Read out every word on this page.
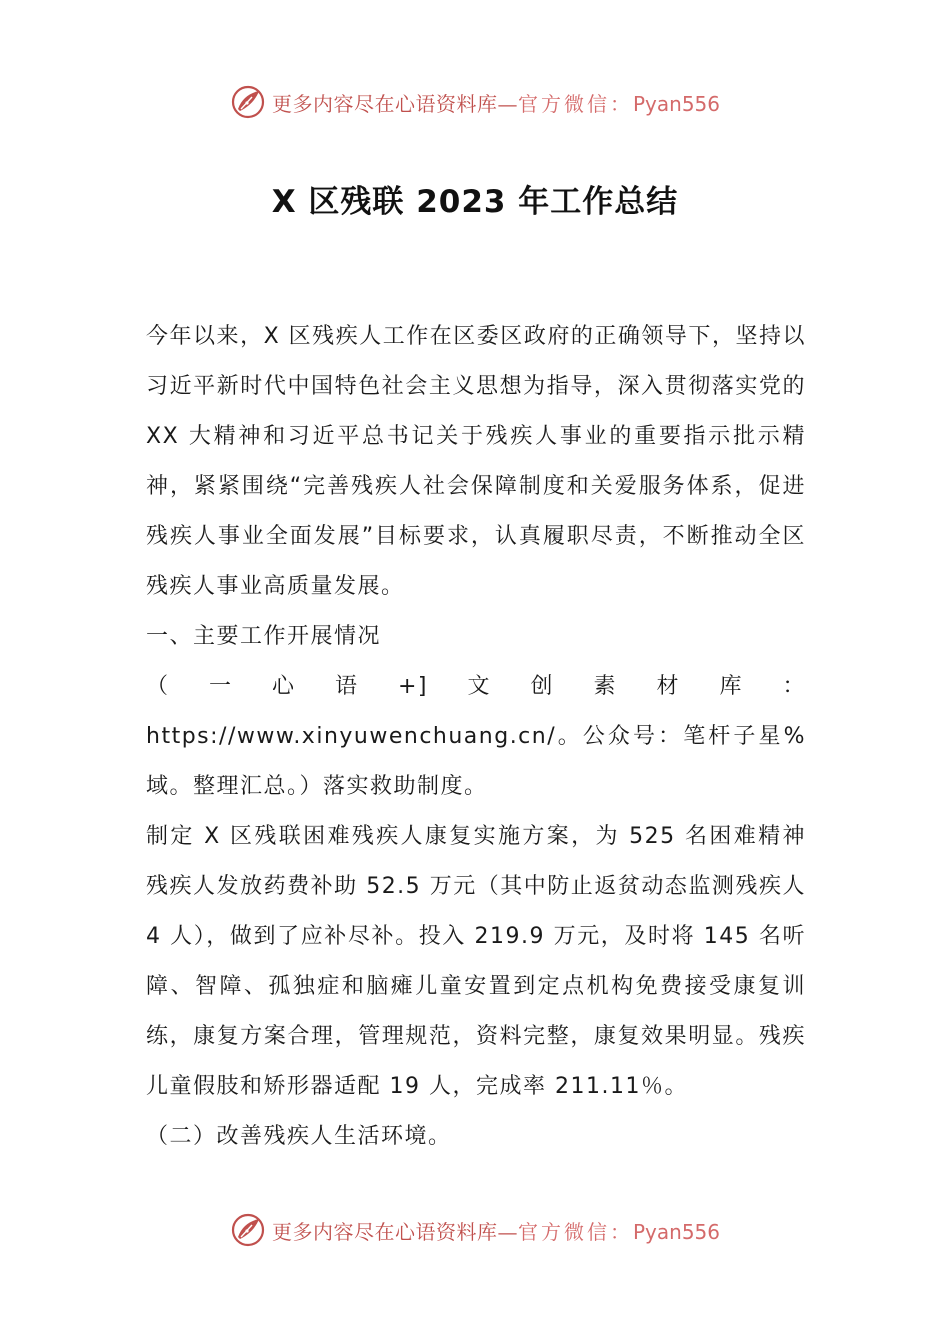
更多内容尽在心语资料库—官方微信：Pyan556
X 区残联 2023 年工作总结

今年以来，X 区残疾人工作在区委区政府的正确领导下，坚持以习近平新时代中国特色社会主义思想为指导，深入贯彻落实党的 XX 大精神和习近平总书记关于残疾人事业的重要指示批示精神，紧紧围绕“完善残疾人社会保障制度和关爱服务体系，促进残疾人事业全面发展”目标要求，认真履职尽责，不断推动全区残疾人事业高质量发展。

一、主要工作开展情况

（一心语+]文创素材库：https://www.xinyuwenchuang.cn/。公众号：笔杆子星%域。整理汇总。）落实救助制度。

制定 X 区残联困难残疾人康复实施方案，为 525 名困难精神残疾人发放药费补助 52.5 万元（其中防止返贫动态监测残疾人 4 人），做到了应补尽补。投入 219.9 万元，及时将 145 名听障、智障、孤独症和脑瘫儿童安置到定点机构免费接受康复训练，康复方案合理，管理规范，资料完整，康复效果明显。残疾儿童假肢和矫形器适配 19 人，完成率 211.11％。

（二）改善残疾人生活环境。

更多内容尽在心语资料库—官方微信：Pyan556
